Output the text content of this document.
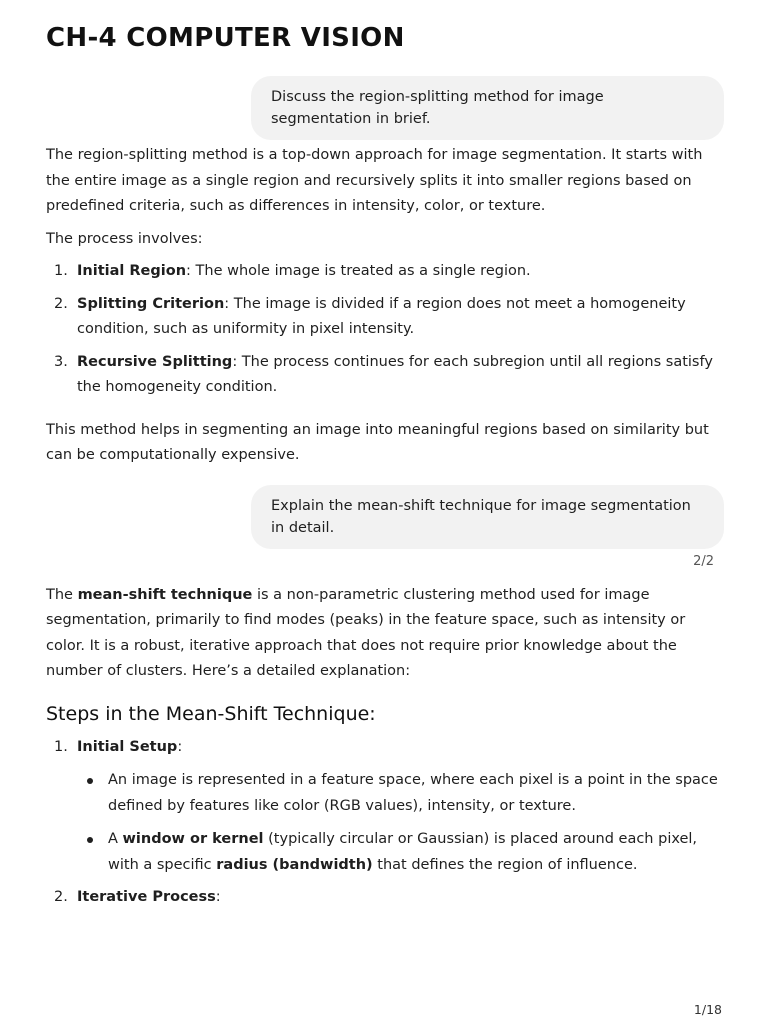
CH-4 COMPUTER VISION
Discuss the region-splitting method for image segmentation in brief.

The region-splitting method is a top-down approach for image segmentation. It starts with the entire image as a single region and recursively splits it into smaller regions based on predefined criteria, such as differences in intensity, color, or texture.

The process involves:

1. Initial Region: The whole image is treated as a single region.
2. Splitting Criterion: The image is divided if a region does not meet a homogeneity condition, such as uniformity in pixel intensity.
3. Recursive Splitting: The process continues for each subregion until all regions satisfy the homogeneity condition.

This method helps in segmenting an image into meaningful regions based on similarity but can be computationally expensive.

Explain the mean-shift technique for image segmentation in detail.
2/2

The mean-shift technique is a non-parametric clustering method used for image segmentation, primarily to find modes (peaks) in the feature space, such as intensity or color. It is a robust, iterative approach that does not require prior knowledge about the number of clusters. Here’s a detailed explanation:

Steps in the Mean-Shift Technique:
1. Initial Setup:
An image is represented in a feature space, where each pixel is a point in the space defined by features like color (RGB values), intensity, or texture.
A window or kernel (typically circular or Gaussian) is placed around each pixel, with a specific radius (bandwidth) that defines the region of influence.
2. Iterative Process:
1/18
